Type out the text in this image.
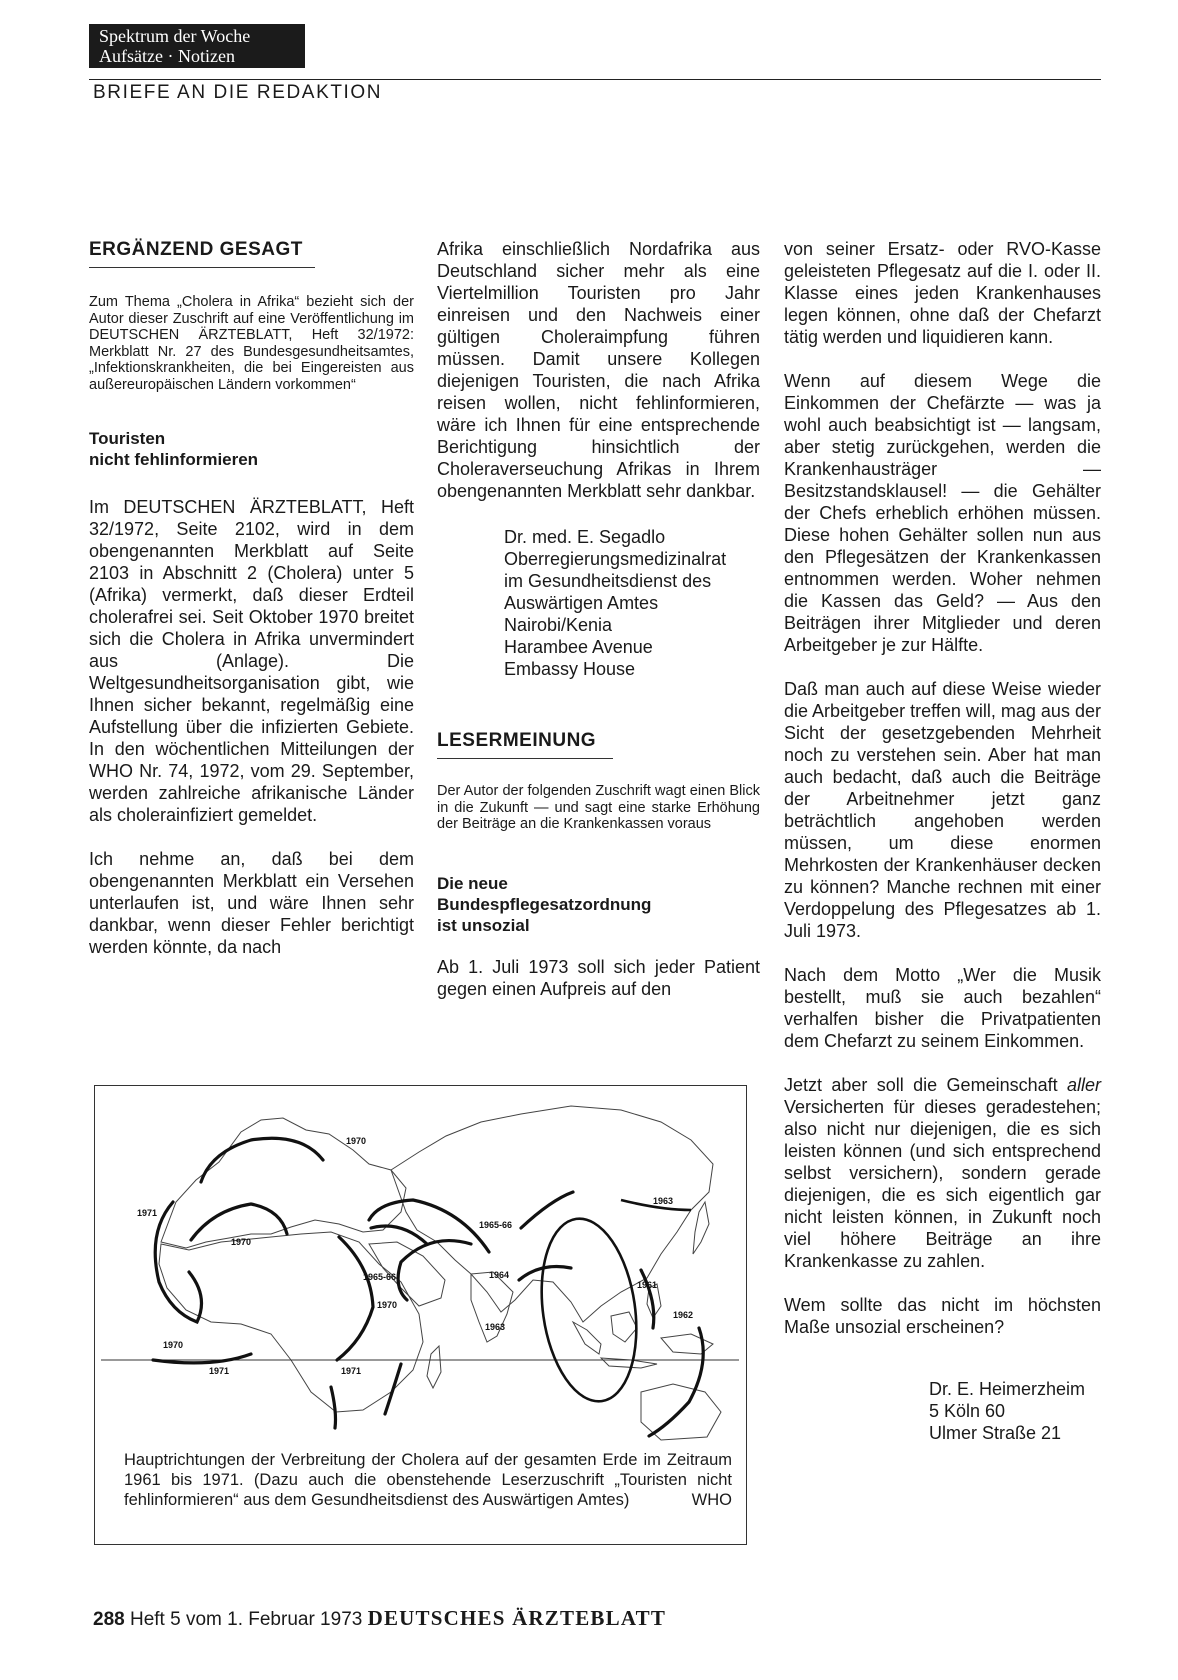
Spektrum der Woche
Aufsätze · Notizen
BRIEFE AN DIE REDAKTION
ERGÄNZEND GESAGT

Zum Thema „Cholera in Afrika“ bezieht sich der Autor dieser Zuschrift auf eine Veröffentlichung im DEUTSCHEN ÄRZTEBLATT, Heft 32/1972: Merkblatt Nr. 27 des Bundesgesundheitsamtes, „Infektionskrankheiten, die bei Eingereisten aus außereuropäischen Ländern vorkommen“

Touristen

nicht fehlinformieren

Im DEUTSCHEN ÄRZTEBLATT, Heft 32/1972, Seite 2102, wird in dem obengenannten Merkblatt auf Seite 2103 in Abschnitt 2 (Cholera) unter 5 (Afrika) vermerkt, daß dieser Erdteil cholerafrei sei. Seit Oktober 1970 breitet sich die Cholera in Afrika unvermindert aus (Anlage). Die Weltgesundheitsorganisation gibt, wie Ihnen sicher bekannt, regelmäßig eine Aufstellung über die infizierten Gebiete. In den wöchentlichen Mitteilungen der WHO Nr. 74, 1972, vom 29. September, werden zahlreiche afrikanische Länder als cholerainfiziert gemeldet.

Ich nehme an, daß bei dem obengenannten Merkblatt ein Versehen unterlaufen ist, und wäre Ihnen sehr dankbar, wenn dieser Fehler berichtigt werden könnte, da nach

Afrika einschließlich Nordafrika aus Deutschland sicher mehr als eine Viertelmillion Touristen pro Jahr einreisen und den Nachweis einer gültigen Choleraimpfung führen müssen. Damit unsere Kollegen diejenigen Touristen, die nach Afrika reisen wollen, nicht fehlinformieren, wäre ich Ihnen für eine entsprechende Berichtigung hinsichtlich der Choleraverseuchung Afrikas in Ihrem obengenannten Merkblatt sehr dankbar.

Dr. med. E. Segadlo
Oberregierungsmedizinalrat
im Gesundheitsdienst des
Auswärtigen Amtes
Nairobi/Kenia
Harambee Avenue
Embassy House
LESERMEINUNG

Der Autor der folgenden Zuschrift wagt einen Blick in die Zukunft — und sagt eine starke Erhöhung der Beiträge an die Krankenkassen voraus

Die neue

Bundespflegesatzordnung

ist unsozial

Ab 1. Juli 1973 soll sich jeder Patient gegen einen Aufpreis auf den

von seiner Ersatz- oder RVO-Kasse geleisteten Pflegesatz auf die I. oder II. Klasse eines jeden Krankenhauses legen können, ohne daß der Chefarzt tätig werden und liquidieren kann.

Wenn auf diesem Wege die Einkommen der Chefärzte — was ja wohl auch beabsichtigt ist — langsam, aber stetig zurückgehen, werden die Krankenhausträger — Besitzstandsklausel! — die Gehälter der Chefs erheblich erhöhen müssen. Diese hohen Gehälter sollen nun aus den Pflegesätzen der Krankenkassen entnommen werden. Woher nehmen die Kassen das Geld? — Aus den Beiträgen ihrer Mitglieder und deren Arbeitgeber je zur Hälfte.

Daß man auch auf diese Weise wieder die Arbeitgeber treffen will, mag aus der Sicht der gesetzgebenden Mehrheit noch zu verstehen sein. Aber hat man auch bedacht, daß auch die Beiträge der Arbeitnehmer jetzt ganz beträchtlich angehoben werden müssen, um diese enormen Mehrkosten der Krankenhäuser decken zu können? Manche rechnen mit einer Verdoppelung des Pflegesatzes ab 1. Juli 1973.

Nach dem Motto „Wer die Musik bestellt, muß sie auch bezahlen“ verhalfen bisher die Privatpatienten dem Chefarzt zu seinem Einkommen.

Jetzt aber soll die Gemeinschaft aller Versicherten für dieses geradestehen; also nicht nur diejenigen, die es sich leisten können (und sich entsprechend selbst versichern), sondern gerade diejenigen, die es sich eigentlich gar nicht leisten können, in Zukunft noch viel höhere Beiträge an ihre Krankenkasse zu zahlen.

Wem sollte das nicht im höchsten Maße unsozial erscheinen?

Dr. E. Heimerzheim
5 Köln 60
Ulmer Straße 21
1970
1971
1970
1970
1965-66
1965-66
1963
1964
1963
1961
1962
1970
1971	1971

Hauptrichtungen der Verbreitung der Cholera auf der gesamten Erde im Zeitraum 1961 bis 1971. (Dazu auch die obenstehende Leserzuschrift „Touristen nicht fehlinformieren“ aus dem Gesundheitsdienst des Auswärtigen Amtes)	WHO

288 Heft 5 vom 1. Februar 1973 DEUTSCHES ÄRZTEBLATT
